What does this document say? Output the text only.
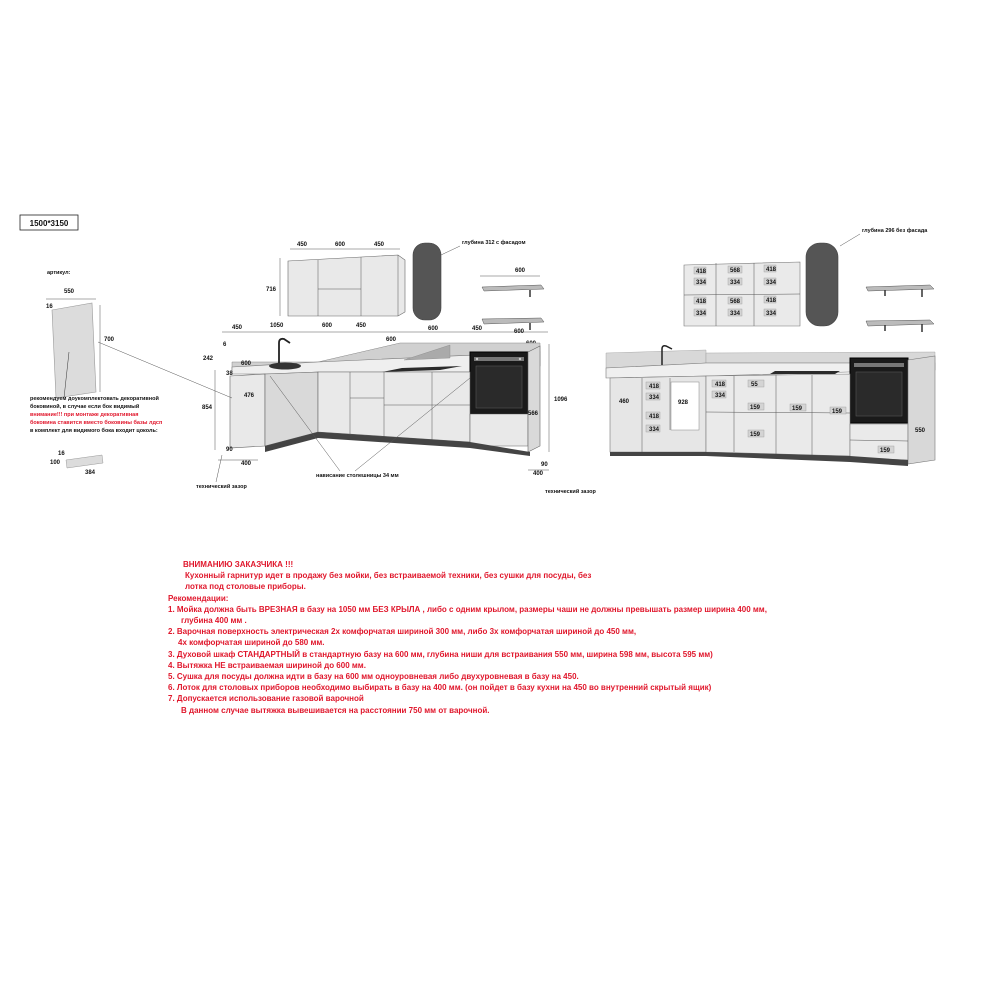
1500*3150
артикул:
550
16
700
рекомендуем доукомплектовать декоративной боковиной, в случае если бок видимый внимание!!! при монтаже декоративная боковина ставится вместо боковины базы лдсп в комплект для видимого бока входит цоколь:
16
100
384
450	600	450
716
глубина 312 с фасадом
600
450	1050	600	450	600	600
600
450
6
242
600
38
476
854
90
400
технический зазор
1096
566
90
400
технический зазор
нависание столешницы 34 мм
глубина 296 без фасада
418
334
568
334
418
334
418
334
568
334
418
334
418
334
418
334
418
334
55
159	159	159
159
159
460	928
550
ВНИМАНИЮ ЗАКАЗЧИКА !!!
Кухонный гарнитур идет в продажу без мойки, без встраиваемой техники, без сушки для посуды, без
лотка под столовые приборы.
Рекомендации:
1. Мойка должна быть ВРЕЗНАЯ в базу на 1050 мм БЕЗ КРЫЛА , либо с одним крылом, размеры чаши не должны превышать размер ширина 400 мм,
глубина 400 мм .
2. Варочная поверхность электрическая 2х комфорчатая шириной 300 мм, либо 3х комфорчатая шириной до 450 мм,
4х комфорчатая шириной до 580 мм.
3. Духовой шкаф СТАНДАРТНЫЙ в стандартную базу на 600 мм, глубина ниши для встраивания 550 мм, ширина 598 мм, высота 595 мм)
4. Вытяжка НЕ встраиваемая шириной до 600 мм.
5. Сушка для посуды должна идти в базу на 600 мм одноуровневая либо двухуровневая в базу на 450.
6. Лоток для столовых приборов необходимо выбирать в базу на 400 мм. (он пойдет в базу кухни на 450 во внутренний скрытый ящик)
7. Допускается использование газовой варочной
В данном случае вытяжка вывешивается на расстоянии 750 мм от варочной.
